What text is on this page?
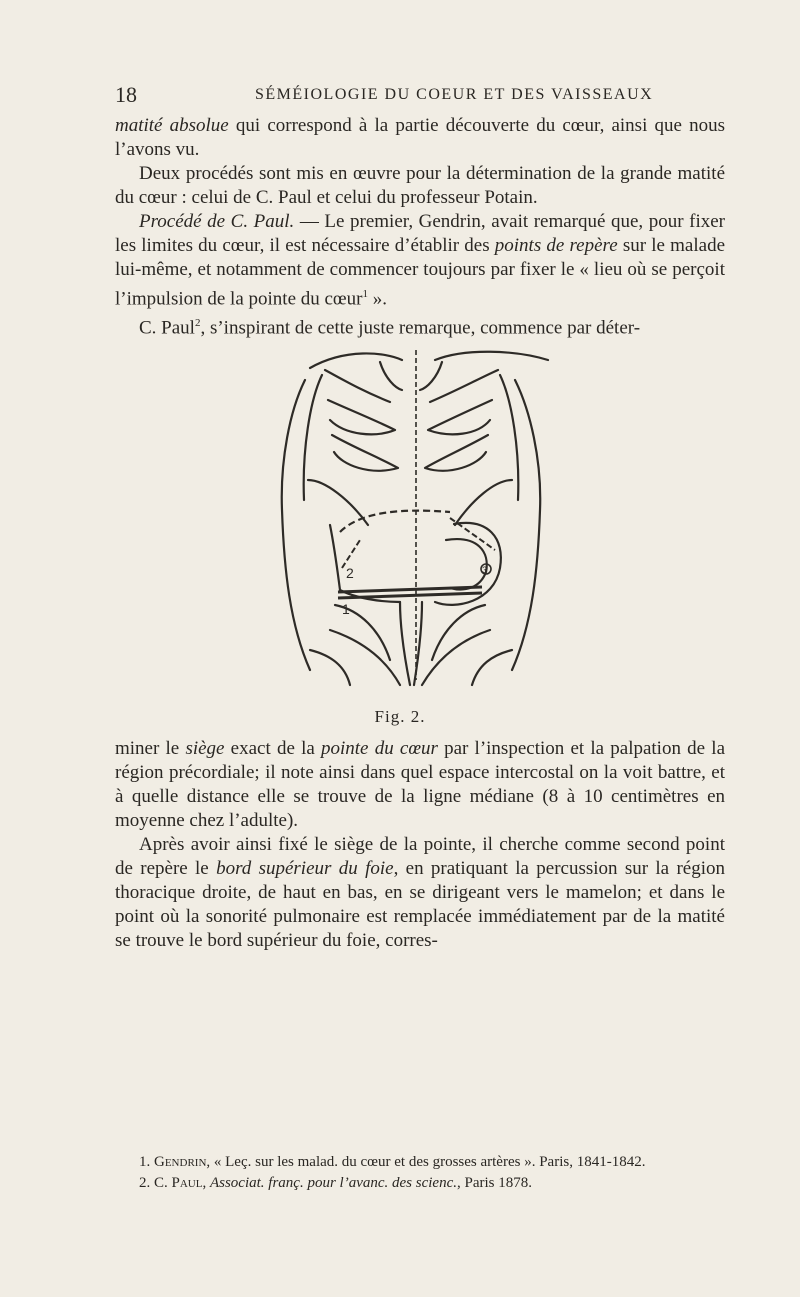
18	SÉMÉIOLOGIE DU COEUR ET DES VAISSEAUX

matité absolue qui correspond à la partie découverte du cœur, ainsi que nous l’avons vu.

Deux procédés sont mis en œuvre pour la détermination de la grande matité du cœur : celui de C. Paul et celui du professeur Potain.

Procédé de C. Paul. — Le premier, Gendrin, avait remarqué que, pour fixer les limites du cœur, il est nécessaire d’établir des points de repère sur le malade lui-même, et notamment de commencer toujours par fixer le « lieu où se perçoit l’impulsion de la pointe du cœur$^1$ ».

C. Paul$^2$, s’inspirant de cette juste remarque, commence par déter-

2
1
3
Fig. 2.

miner le siège exact de la pointe du cœur par l’inspection et la palpation de la région précordiale; il note ainsi dans quel espace intercostal on la voit battre, et à quelle distance elle se trouve de la ligne médiane (8 à 10 centimètres en moyenne chez l’adulte).

Après avoir ainsi fixé le siège de la pointe, il cherche comme second point de repère le bord supérieur du foie, en pratiquant la percussion sur la région thoracique droite, de haut en bas, en se dirigeant vers le mamelon; et dans le point où la sonorité pulmonaire est remplacée immédiatement par de la matité se trouve le bord supérieur du foie, corres-

1. Gendrin, « Leç. sur les malad. du cœur et des grosses artères ». Paris, 1841-1842.

2. C. Paul, Associat. franç. pour l’avanc. des scienc., Paris 1878.
